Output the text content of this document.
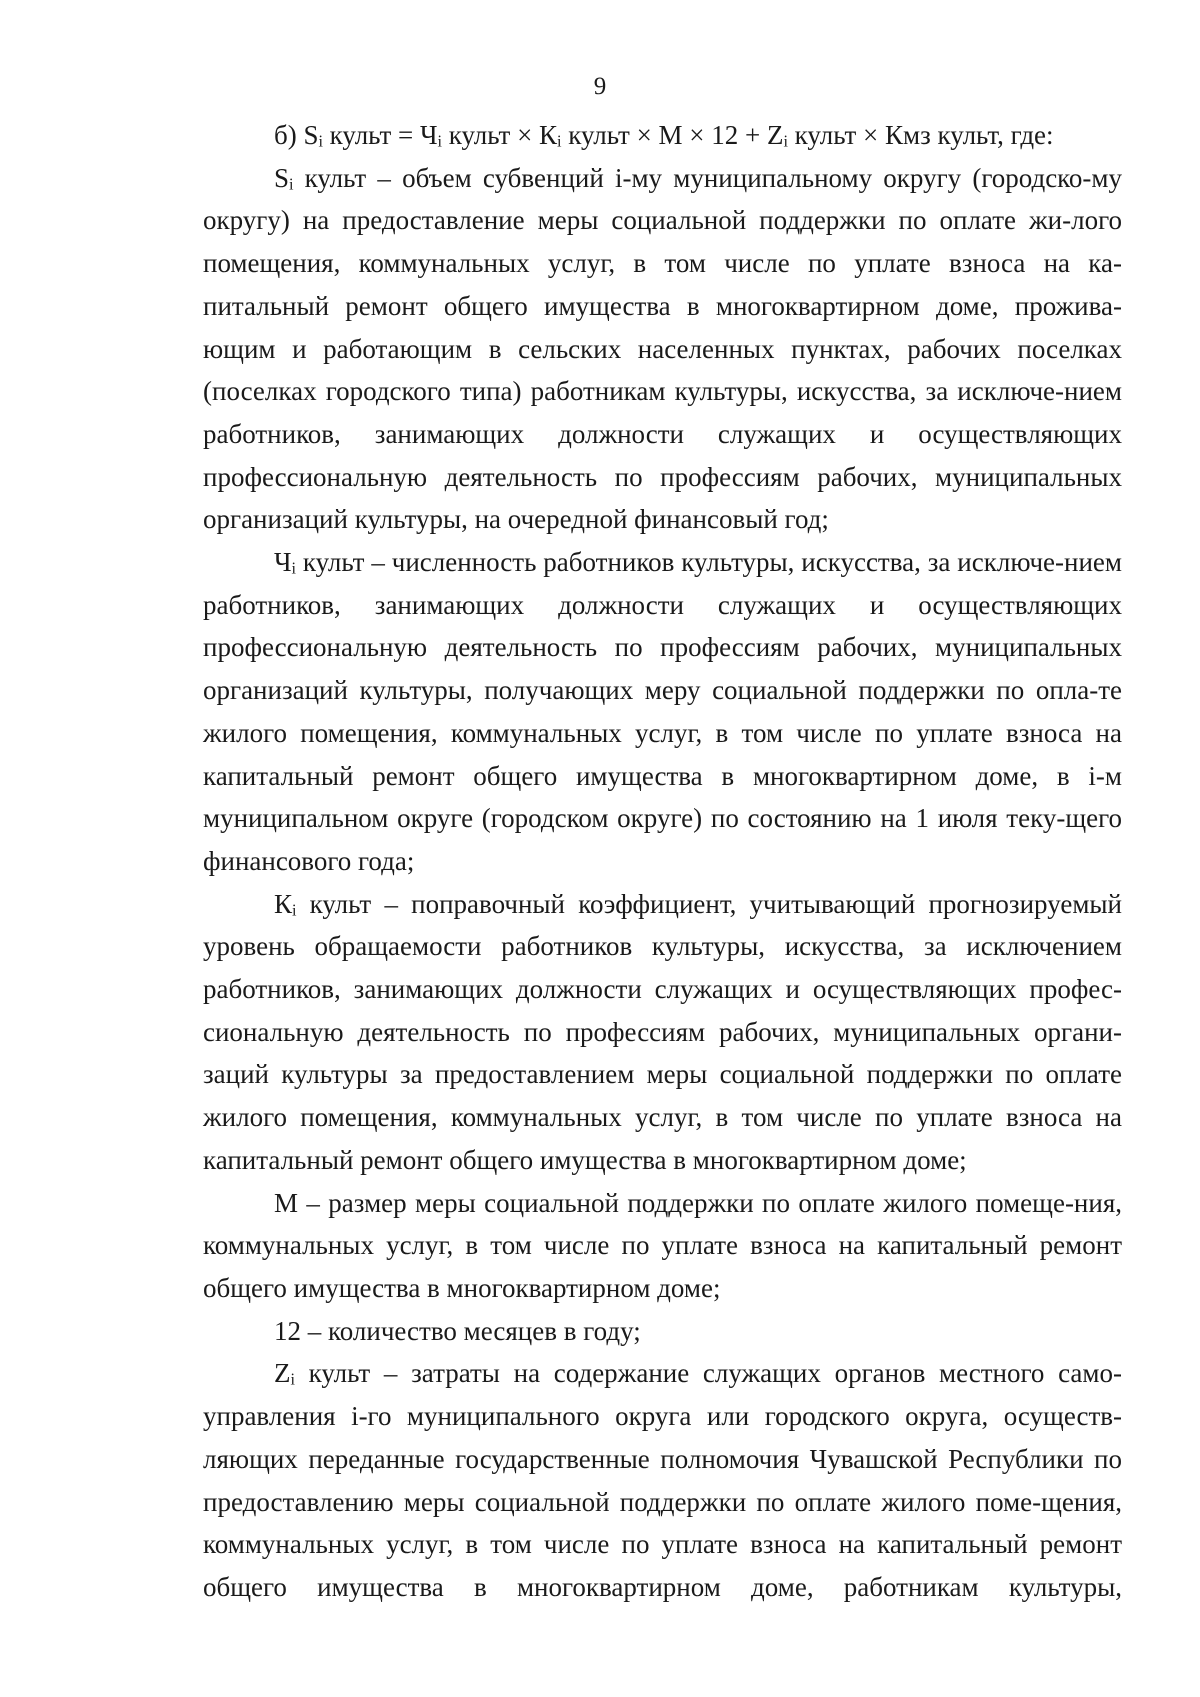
9

б) Sᵢ культ = Чᵢ культ × Кᵢ культ × М × 12 + Zᵢ культ × Кмз культ, где:

Sᵢ культ – объем субвенций i-му муниципальному округу (городско-му округу) на предоставление меры социальной поддержки по оплате жи-лого помещения, коммунальных услуг, в том числе по уплате взноса на ка-питальный ремонт общего имущества в многоквартирном доме, прожива-ющим и работающим в сельских населенных пунктах, рабочих поселках (поселках городского типа) работникам культуры, искусства, за исключе-нием работников, занимающих должности служащих и осуществляющих профессиональную деятельность по профессиям рабочих, муниципальных организаций культуры, на очередной финансовый год;

Чᵢ культ – численность работников культуры, искусства, за исключе-нием работников, занимающих должности служащих и осуществляющих профессиональную деятельность по профессиям рабочих, муниципальных организаций культуры, получающих меру социальной поддержки по опла-те жилого помещения, коммунальных услуг, в том числе по уплате взноса на капитальный ремонт общего имущества в многоквартирном доме, в i-м муниципальном округе (городском округе) по состоянию на 1 июля теку-щего финансового года;

Кᵢ культ – поправочный коэффициент, учитывающий прогнозируемый уровень обращаемости работников культуры, искусства, за исключением работников, занимающих должности служащих и осуществляющих профес-сиональную деятельность по профессиям рабочих, муниципальных органи-заций культуры за предоставлением меры социальной поддержки по оплате жилого помещения, коммунальных услуг, в том числе по уплате взноса на капитальный ремонт общего имущества в многоквартирном доме;

М – размер меры социальной поддержки по оплате жилого помеще-ния, коммунальных услуг, в том числе по уплате взноса на капитальный ремонт общего имущества в многоквартирном доме;

12 – количество месяцев в году;

Zᵢ культ – затраты на содержание служащих органов местного само-управления i-го муниципального округа или городского округа, осуществ-ляющих переданные государственные полномочия Чувашской Республики по предоставлению меры социальной поддержки по оплате жилого поме-щения, коммунальных услуг, в том числе по уплате взноса на капитальный ремонт общего имущества в многоквартирном доме, работникам культуры,
